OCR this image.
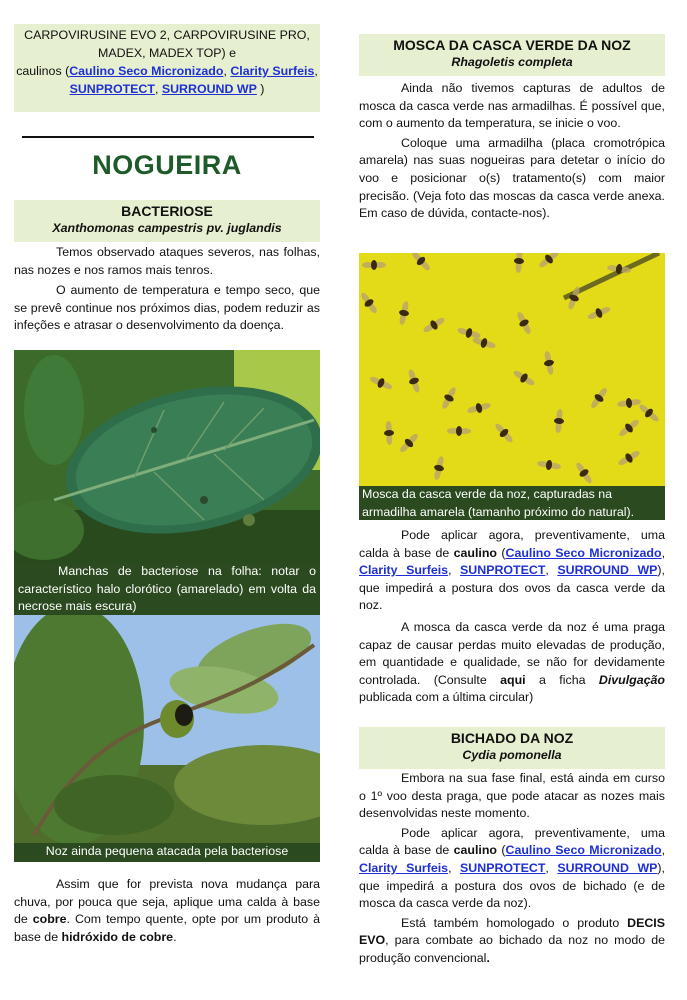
CARPOVIRUSINE EVO 2, CARPOVIRUSINE PRO, MADEX, MADEX TOP) e
caulinos (Caulino Seco Micronizado, Clarity Surfeis,
SUNPROTECT, SURROUND WP )
NOGUEIRA
BACTERIOSE
Xanthomonas campestris pv. juglandis

Temos observado ataques severos, nas folhas, nas nozes e nos ramos mais tenros.

O aumento de temperatura e tempo seco, que se prevê continue nos próximos dias, podem reduzir as infeções e atrasar o desenvolvimento da doença.

Manchas de bacteriose na folha: notar o característico halo clorótico (amarelado) em volta da necrose mais escura)

Noz ainda pequena atacada pela bacteriose

Assim que for prevista nova mudança para chuva, por pouca que seja, aplique uma calda à base de cobre. Com tempo quente, opte por um produto à base de hidróxido de cobre.

MOSCA DA CASCA VERDE DA NOZ
Rhagoletis completa

Ainda não tivemos capturas de adultos de mosca da casca verde nas armadilhas. É possível que, com o aumento da temperatura, se inicie o voo.

Coloque uma armadilha (placa cromotrópica amarela) nas suas nogueiras para detetar o início do voo e posicionar o(s) tratamento(s) com maior precisão. (Veja foto das moscas da casca verde anexa. Em caso de dúvida, contacte-nos).

Mosca da casca verde da noz, capturadas na armadilha amarela (tamanho próximo do natural).

Pode aplicar agora, preventivamente, uma calda à base de caulino (Caulino Seco Micronizado, Clarity Surfeis, SUNPROTECT, SURROUND WP), que impedirá a postura dos ovos da casca verde da noz.

A mosca da casca verde da noz é uma praga capaz de causar perdas muito elevadas de produção, em quantidade e qualidade, se não for devidamente controlada. (Consulte aqui a ficha Divulgação publicada com a última circular)

BICHADO DA NOZ
Cydia pomonella

Embora na sua fase final, está ainda em curso o 1º voo desta praga, que pode atacar as nozes mais desenvolvidas neste momento.

Pode aplicar agora, preventivamente, uma calda à base de caulino (Caulino Seco Micronizado, Clarity Surfeis, SUNPROTECT, SURROUND WP), que impedirá a postura dos ovos de bichado (e de mosca da casca verde da noz).

Está também homologado o produto DECIS EVO, para combate ao bichado da noz no modo de produção convencional.
